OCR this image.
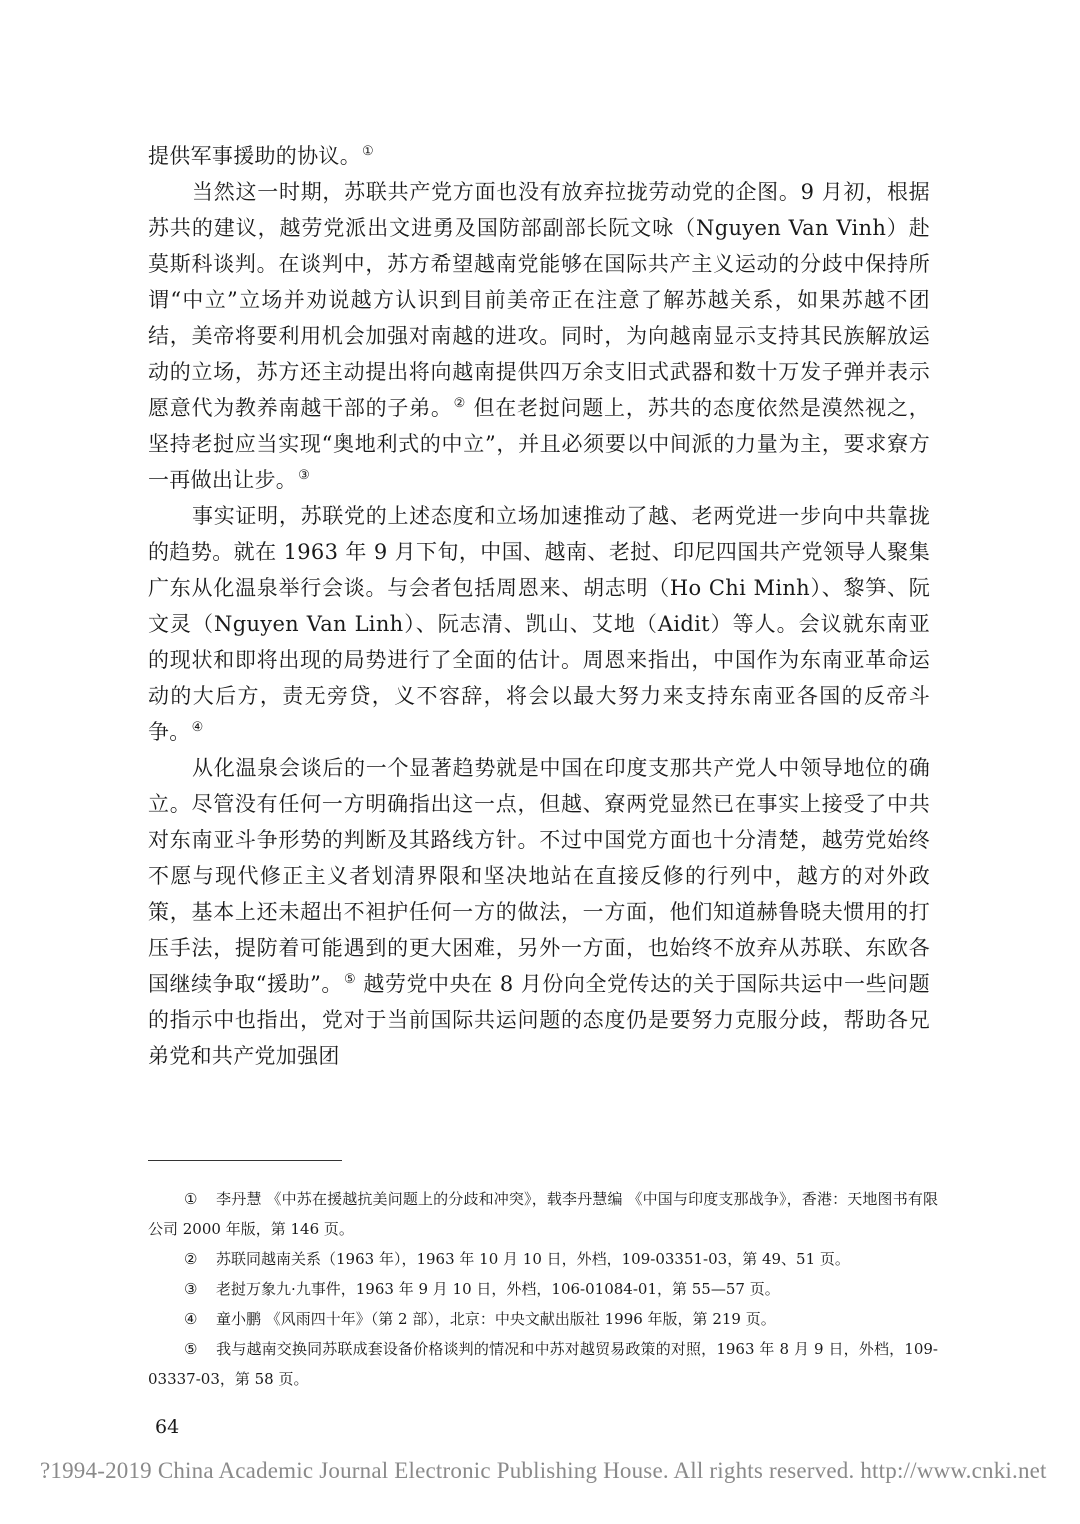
提供军事援助的协议。①

当然这一时期，苏联共产党方面也没有放弃拉拢劳动党的企图。9 月初，根据苏共的建议，越劳党派出文进勇及国防部副部长阮文咏（Nguyen Van Vinh）赴莫斯科谈判。在谈判中，苏方希望越南党能够在国际共产主义运动的分歧中保持所谓“中立”立场并劝说越方认识到目前美帝正在注意了解苏越关系，如果苏越不团结，美帝将要利用机会加强对南越的进攻。同时，为向越南显示支持其民族解放运动的立场，苏方还主动提出将向越南提供四万余支旧式武器和数十万发子弹并表示愿意代为教养南越干部的子弟。② 但在老挝问题上，苏共的态度依然是漠然视之，坚持老挝应当实现“奥地利式的中立”，并且必须要以中间派的力量为主，要求寮方一再做出让步。③

事实证明，苏联党的上述态度和立场加速推动了越、老两党进一步向中共靠拢的趋势。就在 1963 年 9 月下旬，中国、越南、老挝、印尼四国共产党领导人聚集广东从化温泉举行会谈。与会者包括周恩来、胡志明（Ho Chi Minh）、黎笋、阮文灵（Nguyen Van Linh）、阮志清、凯山、艾地（Aidit）等人。会议就东南亚的现状和即将出现的局势进行了全面的估计。周恩来指出，中国作为东南亚革命运动的大后方，责无旁贷，义不容辞，将会以最大努力来支持东南亚各国的反帝斗争。④

从化温泉会谈后的一个显著趋势就是中国在印度支那共产党人中领导地位的确立。尽管没有任何一方明确指出这一点，但越、寮两党显然已在事实上接受了中共对东南亚斗争形势的判断及其路线方针。不过中国党方面也十分清楚，越劳党始终不愿与现代修正主义者划清界限和坚决地站在直接反修的行列中，越方的对外政策，基本上还未超出不袒护任何一方的做法，一方面，他们知道赫鲁晓夫惯用的打压手法，提防着可能遇到的更大困难，另外一方面，也始终不放弃从苏联、东欧各国继续争取“援助”。⑤ 越劳党中央在 8 月份向全党传达的关于国际共运中一些问题的指示中也指出，党对于当前国际共运问题的态度仍是要努力克服分歧，帮助各兄弟党和共产党加强团

① 李丹慧 《中苏在援越抗美问题上的分歧和冲突》，载李丹慧编 《中国与印度支那战争》，香港：天地图书有限公司 2000 年版，第 146 页。

② 苏联同越南关系（1963 年），1963 年 10 月 10 日，外档，109-03351-03，第 49、51 页。

③ 老挝万象九·九事件，1963 年 9 月 10 日，外档，106-01084-01，第 55—57 页。

④ 童小鹏 《风雨四十年》（第 2 部），北京：中央文献出版社 1996 年版，第 219 页。

⑤ 我与越南交换同苏联成套设备价格谈判的情况和中苏对越贸易政策的对照，1963 年 8 月 9 日，外档，109-03337-03，第 58 页。

64
?1994-2019 China Academic Journal Electronic Publishing House. All rights reserved. http://www.cnki.net
